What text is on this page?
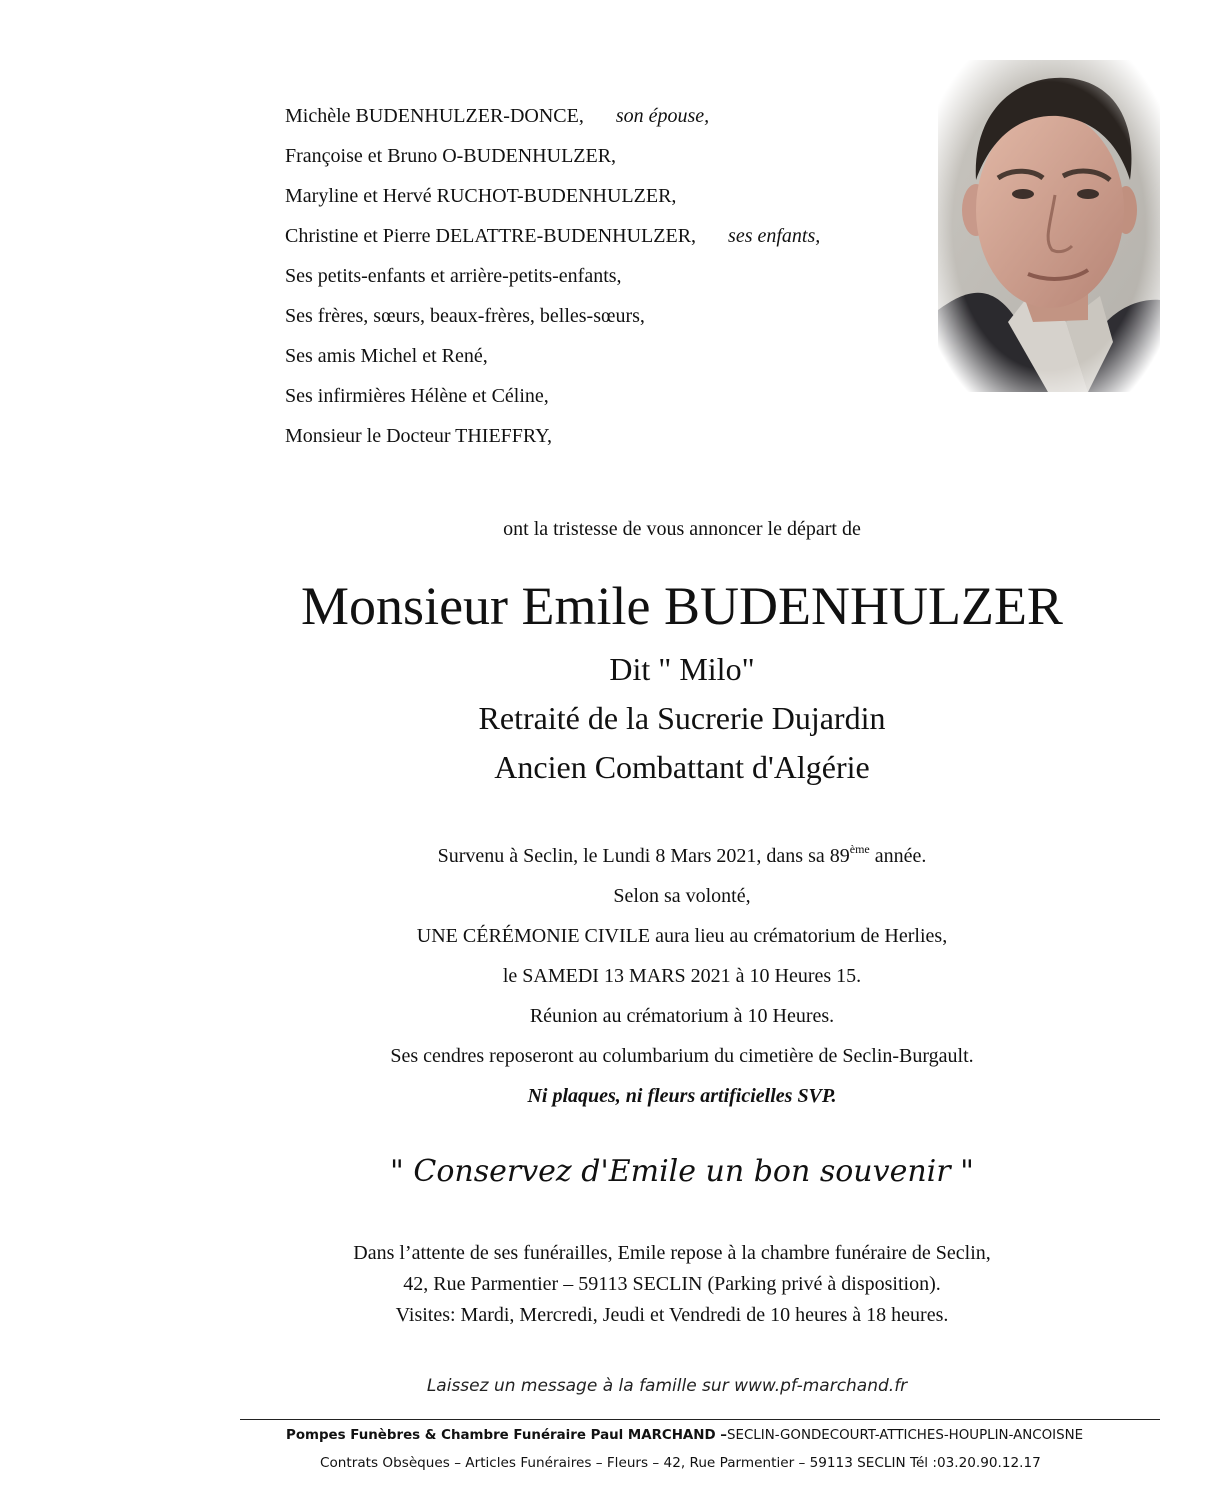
Michèle BUDENHULZER-DONCE, son épouse,
Françoise et Bruno O-BUDENHULZER,
Maryline et Hervé RUCHOT-BUDENHULZER,
Christine et Pierre DELATTRE-BUDENHULZER, ses enfants,
Ses petits-enfants et arrière-petits-enfants,
Ses frères, sœurs, beaux-frères, belles-sœurs,
Ses amis Michel et René,
Ses infirmières Hélène et Céline,
Monsieur le Docteur THIEFFRY,
ont la tristesse de vous annoncer le départ de
Monsieur Emile BUDENHULZER
Dit " Milo"
Retraité de la Sucrerie Dujardin
Ancien Combattant d'Algérie
Survenu à Seclin, le Lundi 8 Mars 2021, dans sa 89ème année.
Selon sa volonté,
UNE CÉRÉMONIE CIVILE aura lieu au crématorium de Herlies,
le SAMEDI 13 MARS 2021 à 10 Heures 15.
Réunion au crématorium à 10 Heures.
Ses cendres reposeront au columbarium du cimetière de Seclin-Burgault.
Ni plaques, ni fleurs artificielles SVP.
" Conservez d'Emile un bon souvenir "
Dans l’attente de ses funérailles, Emile repose à la chambre funéraire de Seclin,
42, Rue Parmentier – 59113 SECLIN (Parking privé à disposition).
Visites: Mardi, Mercredi, Jeudi et Vendredi de 10 heures à 18 heures.
Laissez un message à la famille sur www.pf-marchand.fr
Pompes Funèbres & Chambre Funéraire Paul MARCHAND –SECLIN-GONDECOURT-ATTICHES-HOUPLIN-ANCOISNE
Contrats Obsèques – Articles Funéraires – Fleurs – 42, Rue Parmentier – 59113 SECLIN Tél :03.20.90.12.17
